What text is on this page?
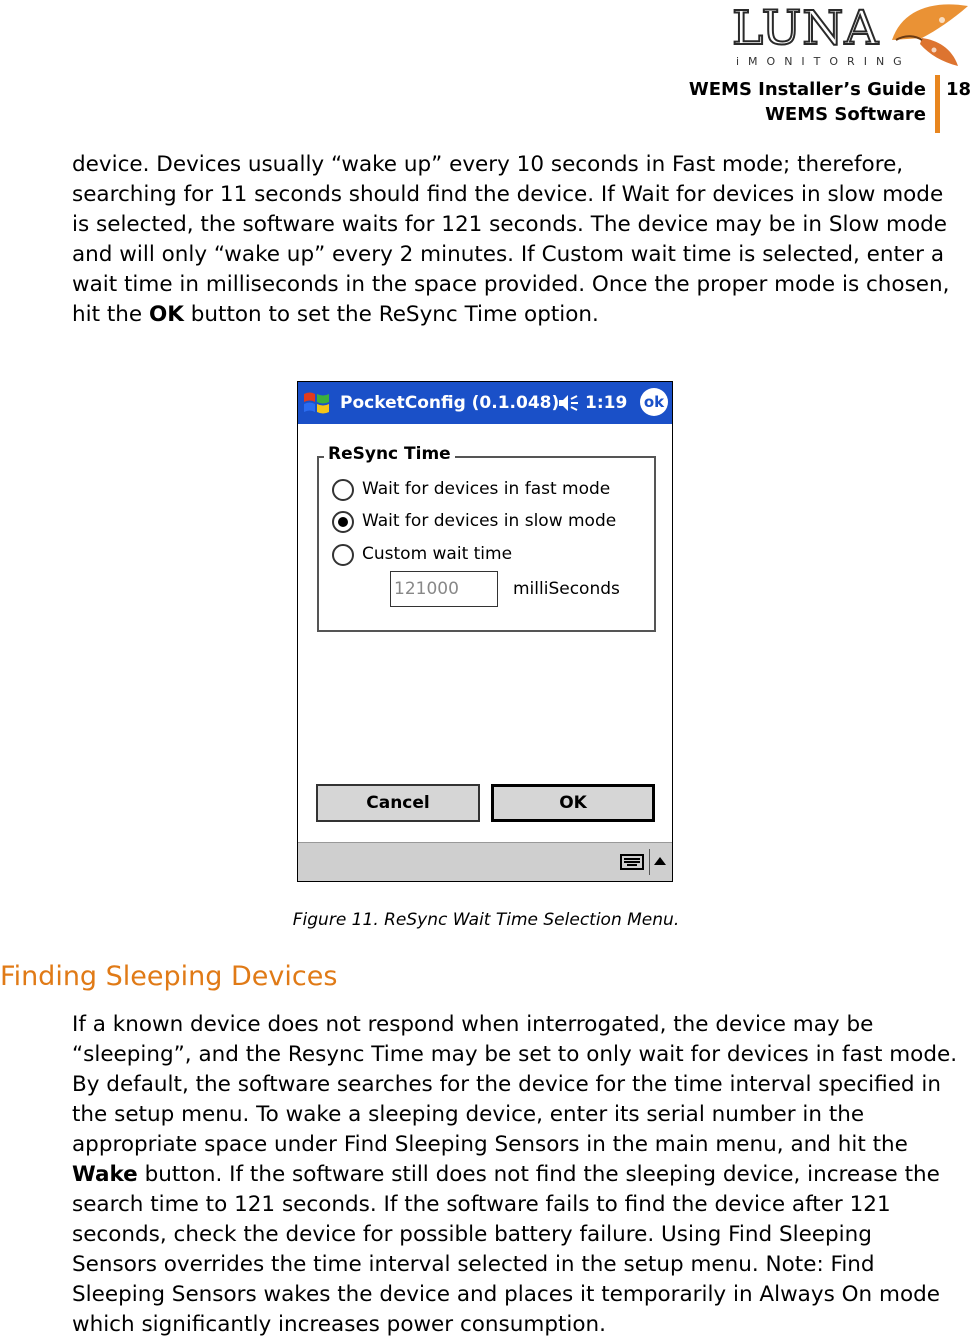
LUNA
iMONITORING
WEMS Installer’s Guide
WEMS Software
18

device. Devices usually “wake up” every 10 seconds in Fast mode; therefore, searching for 11 seconds should find the device. If Wait for devices in slow mode is selected, the software waits for 121 seconds. The device may be in Slow mode and will only “wake up” every 2 minutes. If Custom wait time is selected, enter a wait time in milliseconds in the space provided. Once the proper mode is chosen, hit the OK button to set the ReSync Time option.

PocketConfig (0.1.048) 1:19 ok
ReSync Time
Wait for devices in fast mode
Wait for devices in slow mode
Custom wait time
121000
milliSeconds
Cancel	OK
Figure 11. ReSync Wait Time Selection Menu.
Finding Sleeping Devices

If a known device does not respond when interrogated, the device may be “sleeping”, and the Resync Time may be set to only wait for devices in fast mode. By default, the software searches for the device for the time interval specified in the setup menu. To wake a sleeping device, enter its serial number in the appropriate space under Find Sleeping Sensors in the main menu, and hit the Wake button. If the software still does not find the sleeping device, increase the search time to 121 seconds. If the software fails to find the device after 121 seconds, check the device for possible battery failure. Using Find Sleeping Sensors overrides the time interval selected in the setup menu. Note: Find Sleeping Sensors wakes the device and places it temporarily in Always On mode which significantly increases power consumption.
